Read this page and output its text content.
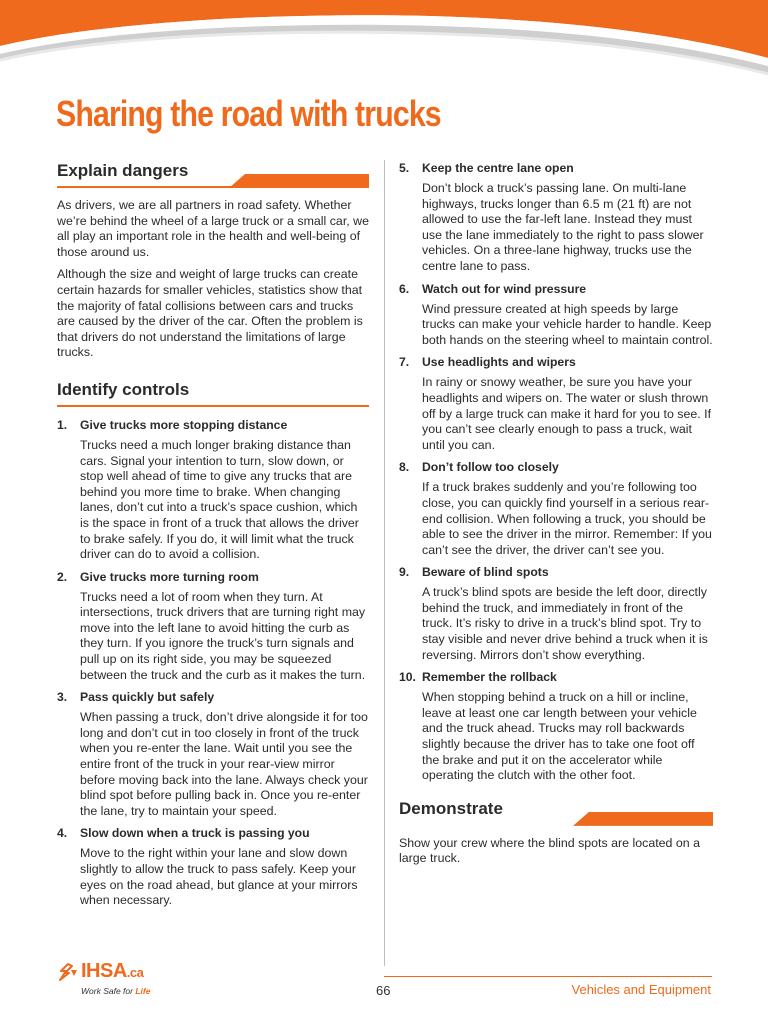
Sharing the road with trucks
Explain dangers

As drivers, we are all partners in road safety. Whether we’re behind the wheel of a large truck or a small car, we all play an important role in the health and well-being of those around us.

Although the size and weight of large trucks can create certain hazards for smaller vehicles, statistics show that the majority of fatal collisions between cars and trucks are caused by the driver of the car. Often the problem is that drivers do not understand the limitations of large trucks.

Identify controls
1. Give trucks more stopping distance
Trucks need a much longer braking distance than cars. Signal your intention to turn, slow down, or stop well ahead of time to give any trucks that are behind you more time to brake. When changing lanes, don’t cut into a truck’s space cushion, which is the space in front of a truck that allows the driver to brake safely. If you do, it will limit what the truck driver can do to avoid a collision.
2. Give trucks more turning room
Trucks need a lot of room when they turn. At intersections, truck drivers that are turning right may move into the left lane to avoid hitting the curb as they turn. If you ignore the truck’s turn signals and pull up on its right side, you may be squeezed between the truck and the curb as it makes the turn.
3. Pass quickly but safely
When passing a truck, don’t drive alongside it for too long and don’t cut in too closely in front of the truck when you re-enter the lane. Wait until you see the entire front of the truck in your rear-view mirror before moving back into the lane. Always check your blind spot before pulling back in. Once you re-enter the lane, try to maintain your speed.
4. Slow down when a truck is passing you
Move to the right within your lane and slow down slightly to allow the truck to pass safely. Keep your eyes on the road ahead, but glance at your mirrors when necessary.
5. Keep the centre lane open
Don’t block a truck’s passing lane. On multi-lane highways, trucks longer than 6.5 m (21 ft) are not allowed to use the far-left lane. Instead they must use the lane immediately to the right to pass slower vehicles. On a three-lane highway, trucks use the centre lane to pass.
6. Watch out for wind pressure
Wind pressure created at high speeds by large trucks can make your vehicle harder to handle. Keep both hands on the steering wheel to maintain control.
7. Use headlights and wipers
In rainy or snowy weather, be sure you have your headlights and wipers on. The water or slush thrown off by a large truck can make it hard for you to see. If you can’t see clearly enough to pass a truck, wait until you can.
8. Don’t follow too closely
If a truck brakes suddenly and you’re following too close, you can quickly find yourself in a serious rear-end collision. When following a truck, you should be able to see the driver in the mirror. Remember: If you can’t see the driver, the driver can’t see you.
9. Beware of blind spots
A truck’s blind spots are beside the left door, directly behind the truck, and immediately in front of the truck. It’s risky to drive in a truck’s blind spot. Try to stay visible and never drive behind a truck when it is reversing. Mirrors don’t show everything.
10. Remember the rollback
When stopping behind a truck on a hill or incline, leave at least one car length between your vehicle and the truck ahead. Trucks may roll backwards slightly because the driver has to take one foot off the brake and put it on the accelerator while operating the clutch with the other foot.
Demonstrate

Show your crew where the blind spots are located on a large truck.

IHSA.ca
Work Safe for Life	66	Vehicles and Equipment
